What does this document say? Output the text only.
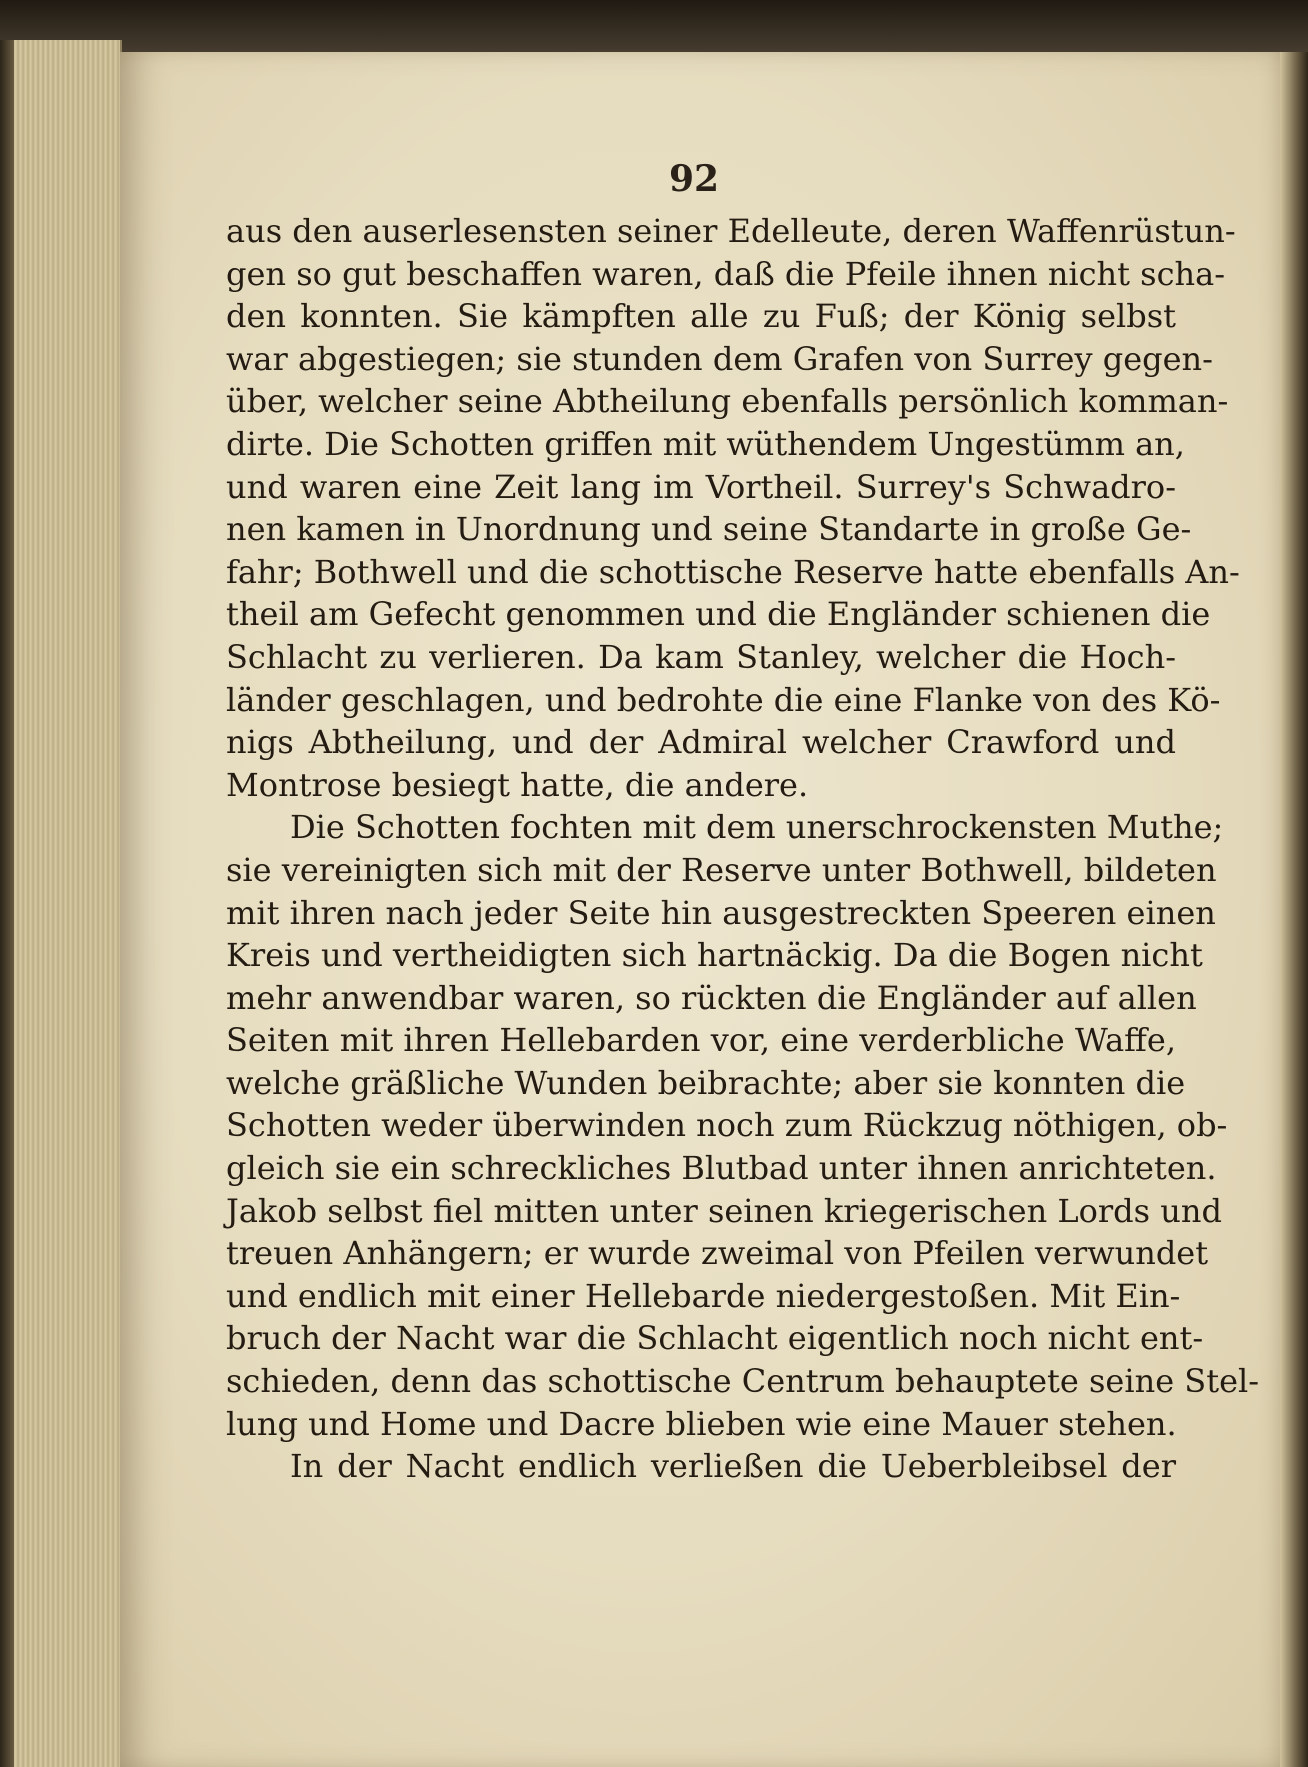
92
aus den auserlesensten seiner Edelleute, deren Waffenrüstun-
gen so gut beschaffen waren, daß die Pfeile ihnen nicht scha-
den konnten. Sie kämpften alle zu Fuß; der König selbst
war abgestiegen; sie stunden dem Grafen von Surrey gegen-
über, welcher seine Abtheilung ebenfalls persönlich komman-
dirte. Die Schotten griffen mit wüthendem Ungestümm an,
und waren eine Zeit lang im Vortheil. Surrey's Schwadro-
nen kamen in Unordnung und seine Standarte in große Ge-
fahr; Bothwell und die schottische Reserve hatte ebenfalls An-
theil am Gefecht genommen und die Engländer schienen die
Schlacht zu verlieren. Da kam Stanley, welcher die Hoch-
länder geschlagen, und bedrohte die eine Flanke von des Kö-
nigs Abtheilung, und der Admiral welcher Crawford und
Montrose besiegt hatte, die andere.
Die Schotten fochten mit dem unerschrockensten Muthe;
sie vereinigten sich mit der Reserve unter Bothwell, bildeten
mit ihren nach jeder Seite hin ausgestreckten Speeren einen
Kreis und vertheidigten sich hartnäckig. Da die Bogen nicht
mehr anwendbar waren, so rückten die Engländer auf allen
Seiten mit ihren Hellebarden vor, eine verderbliche Waffe,
welche gräßliche Wunden beibrachte; aber sie konnten die
Schotten weder überwinden noch zum Rückzug nöthigen, ob-
gleich sie ein schreckliches Blutbad unter ihnen anrichteten.
Jakob selbst fiel mitten unter seinen kriegerischen Lords und
treuen Anhängern; er wurde zweimal von Pfeilen verwundet
und endlich mit einer Hellebarde niedergestoßen. Mit Ein-
bruch der Nacht war die Schlacht eigentlich noch nicht ent-
schieden, denn das schottische Centrum behauptete seine Stel-
lung und Home und Dacre blieben wie eine Mauer stehen.
In der Nacht endlich verließen die Ueberbleibsel der
